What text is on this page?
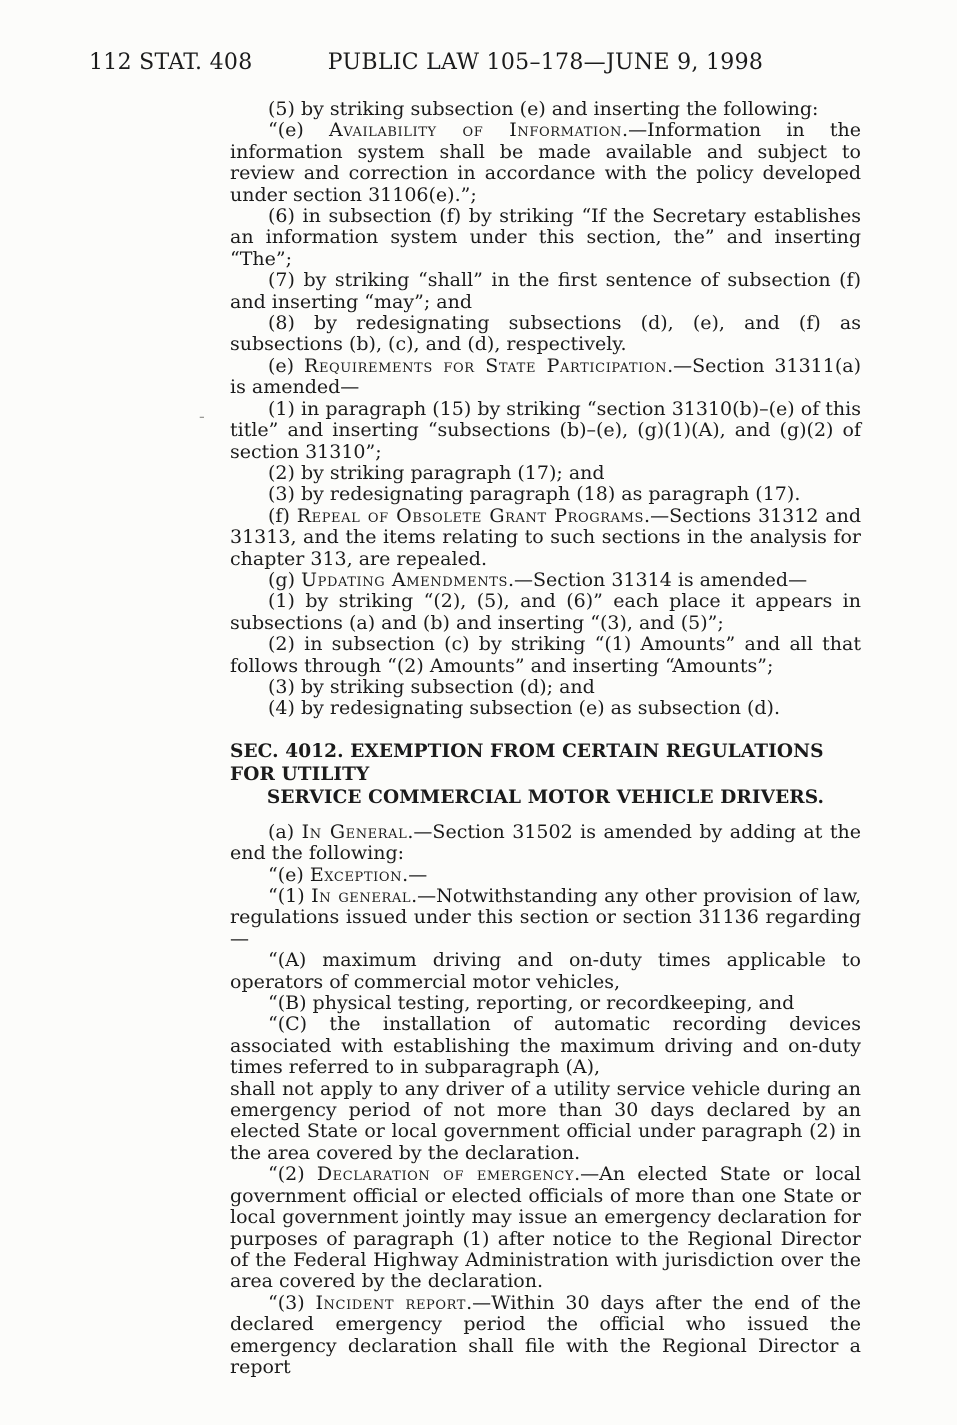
112 STAT. 408	PUBLIC LAW 105–178—JUNE 9, 1998
-

(5) by striking subsection (e) and inserting the following:

“(e) Availability of Information.—Information in the information system shall be made available and subject to review and correction in accordance with the policy developed under section 31106(e).”;

(6) in subsection (f) by striking “If the Secretary establishes an information system under this section, the” and inserting “The”;

(7) by striking “shall” in the first sentence of subsection (f) and inserting “may”; and

(8) by redesignating subsections (d), (e), and (f) as subsections (b), (c), and (d), respectively.

(e) Requirements for State Participation.—Section 31311(a) is amended—

(1) in paragraph (15) by striking “section 31310(b)–(e) of this title” and inserting “subsections (b)–(e), (g)(1)(A), and (g)(2) of section 31310”;

(2) by striking paragraph (17); and

(3) by redesignating paragraph (18) as paragraph (17).

(f) Repeal of Obsolete Grant Programs.—Sections 31312 and 31313, and the items relating to such sections in the analysis for chapter 313, are repealed.

(g) Updating Amendments.—Section 31314 is amended—

(1) by striking “(2), (5), and (6)” each place it appears in subsections (a) and (b) and inserting “(3), and (5)”;

(2) in subsection (c) by striking “(1) Amounts” and all that follows through “(2) Amounts” and inserting “Amounts”;

(3) by striking subsection (d); and

(4) by redesignating subsection (e) as subsection (d).

SEC. 4012. EXEMPTION FROM CERTAIN REGULATIONS FOR UTILITY
SERVICE COMMERCIAL MOTOR VEHICLE DRIVERS.

(a) In General.—Section 31502 is amended by adding at the end the following:

“(e) Exception.—

“(1) In general.—Notwithstanding any other provision of law, regulations issued under this section or section 31136 regarding—

“(A) maximum driving and on-duty times applicable to operators of commercial motor vehicles,

“(B) physical testing, reporting, or recordkeeping, and

“(C) the installation of automatic recording devices associated with establishing the maximum driving and on-duty times referred to in subparagraph (A),

shall not apply to any driver of a utility service vehicle during an emergency period of not more than 30 days declared by an elected State or local government official under paragraph (2) in the area covered by the declaration.

“(2) Declaration of emergency.—An elected State or local government official or elected officials of more than one State or local government jointly may issue an emergency declaration for purposes of paragraph (1) after notice to the Regional Director of the Federal Highway Administration with jurisdiction over the area covered by the declaration.

“(3) Incident report.—Within 30 days after the end of the declared emergency period the official who issued the emergency declaration shall file with the Regional Director a report
